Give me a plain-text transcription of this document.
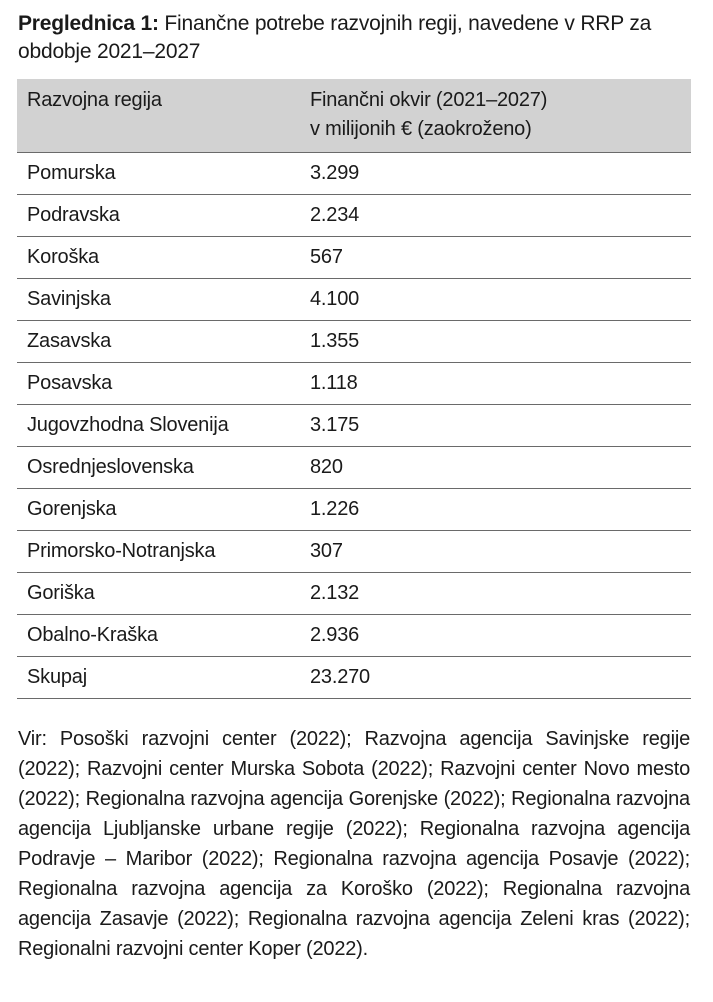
Preglednica 1: Finančne potrebe razvojnih regij, navedene v RRP za obdobje 2021–2027
Razvojna regija	Finančni okvir (2021–2027)
v milijonih € (zaokroženo)
Pomurska	3.299
Podravska	2.234
Koroška	567
Savinjska	4.100
Zasavska	1.355
Posavska	1.118
Jugovzhodna Slovenija	3.175
Osrednjeslovenska	820
Gorenjska	1.226
Primorsko-Notranjska	307
Goriška	2.132
Obalno-Kraška	2.936
Skupaj	23.270

Vir: Posoški razvojni center (2022); Razvojna agencija Savinjske regije (2022); Razvojni center Murska Sobota (2022); Razvojni center Novo mesto (2022); Regionalna razvojna agencija Gorenjske (2022); Regionalna razvojna agencija Ljubljanske urbane regije (2022); Regionalna razvojna agencija Podravje – Maribor (2022); Regionalna razvojna agencija Posavje (2022); Regionalna razvojna agencija za Koroško (2022); Regionalna razvojna agencija Zasavje (2022); Regionalna razvojna agencija Zeleni kras (2022); Regionalni razvojni center Koper (2022).
